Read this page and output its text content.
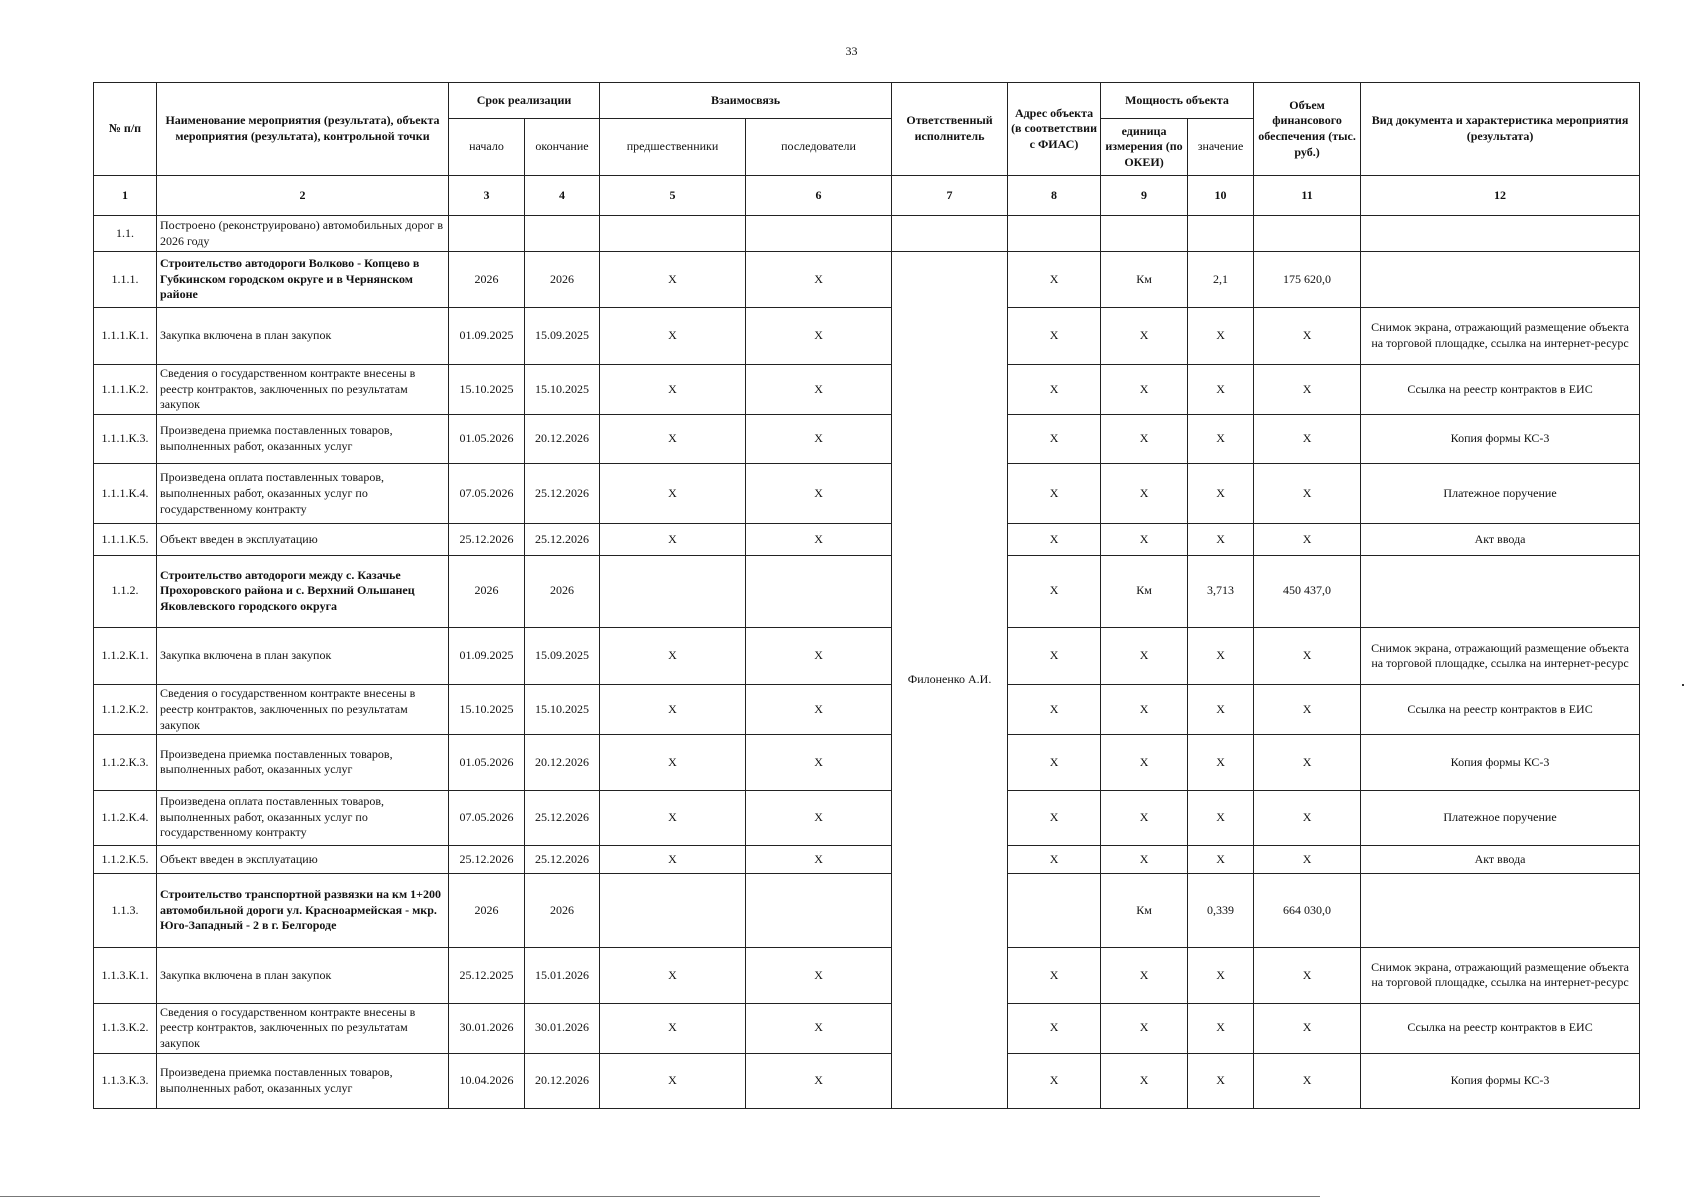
33
№ п/п	Наименование мероприятия (результата), объекта мероприятия (результата), контрольной точки	Срок реализации		Взаимосвязь		Ответственный исполнитель	Адрес объекта (в соответствии с ФИАС)	Мощность объекта		Объем финансового обеспечения (тыс. руб.)	Вид документа и характеристика мероприятия (результата)
		начало	окончание	предшественники	последователи			единица измерения (по ОКЕИ)	значение		
1	2	3	4	5	6	7	8	9	10	11	12
1.1.	Построено (реконструировано) автомобильных дорог в 2026 году										
1.1.1.	Строительство автодороги Волково - Копцево в Губкинском городском округе и в Чернянском районе	2026	2026	X	X	Филоненко А.И.	X	Км	2,1	175 620,0	
1.1.1.К.1.	Закупка включена в план закупок	01.09.2025	15.09.2025	X	X		X	X	X	X	Снимок экрана, отражающий размещение объекта на торговой площадке, ссылка на интернет-ресурс
1.1.1.К.2.	Сведения о государственном контракте внесены в реестр контрактов, заключенных по результатам закупок	15.10.2025	15.10.2025	X	X		X	X	X	X	Ссылка на реестр контрактов в ЕИС
1.1.1.К.3.	Произведена приемка поставленных товаров, выполненных работ, оказанных услуг	01.05.2026	20.12.2026	X	X		X	X	X	X	Копия формы КС-3
1.1.1.К.4.	Произведена оплата поставленных товаров, выполненных работ, оказанных услуг по государственному контракту	07.05.2026	25.12.2026	X	X		X	X	X	X	Платежное поручение
1.1.1.К.5.	Объект введен в эксплуатацию	25.12.2026	25.12.2026	X	X		X	X	X	X	Акт ввода
1.1.2.	Строительство автодороги между с. Казачье Прохоровского района и с. Верхний Ольшанец Яковлевского городского округа	2026	2026				X	Км	3,713	450 437,0	
1.1.2.К.1.	Закупка включена в план закупок	01.09.2025	15.09.2025	X	X		X	X	X	X	Снимок экрана, отражающий размещение объекта на торговой площадке, ссылка на интернет-ресурс
1.1.2.К.2.	Сведения о государственном контракте внесены в реестр контрактов, заключенных по результатам закупок	15.10.2025	15.10.2025	X	X		X	X	X	X	Ссылка на реестр контрактов в ЕИС
1.1.2.К.3.	Произведена приемка поставленных товаров, выполненных работ, оказанных услуг	01.05.2026	20.12.2026	X	X		X	X	X	X	Копия формы КС-3
1.1.2.К.4.	Произведена оплата поставленных товаров, выполненных работ, оказанных услуг по государственному контракту	07.05.2026	25.12.2026	X	X		X	X	X	X	Платежное поручение
1.1.2.К.5.	Объект введен в эксплуатацию	25.12.2026	25.12.2026	X	X		X	X	X	X	Акт ввода
1.1.3.	Строительство транспортной развязки на км 1+200 автомобильной дороги ул. Красноармейская - мкр. Юго-Западный - 2 в г. Белгороде	2026	2026					Км	0,339	664 030,0	
1.1.3.К.1.	Закупка включена в план закупок	25.12.2025	15.01.2026	X	X		X	X	X	X	Снимок экрана, отражающий размещение объекта на торговой площадке, ссылка на интернет-ресурс
1.1.3.К.2.	Сведения о государственном контракте внесены в реестр контрактов, заключенных по результатам закупок	30.01.2026	30.01.2026	X	X		X	X	X	X	Ссылка на реестр контрактов в ЕИС
1.1.3.К.3.	Произведена приемка поставленных товаров, выполненных работ, оказанных услуг	10.04.2026	20.12.2026	X	X		X	X	X	X	Копия формы КС-3
